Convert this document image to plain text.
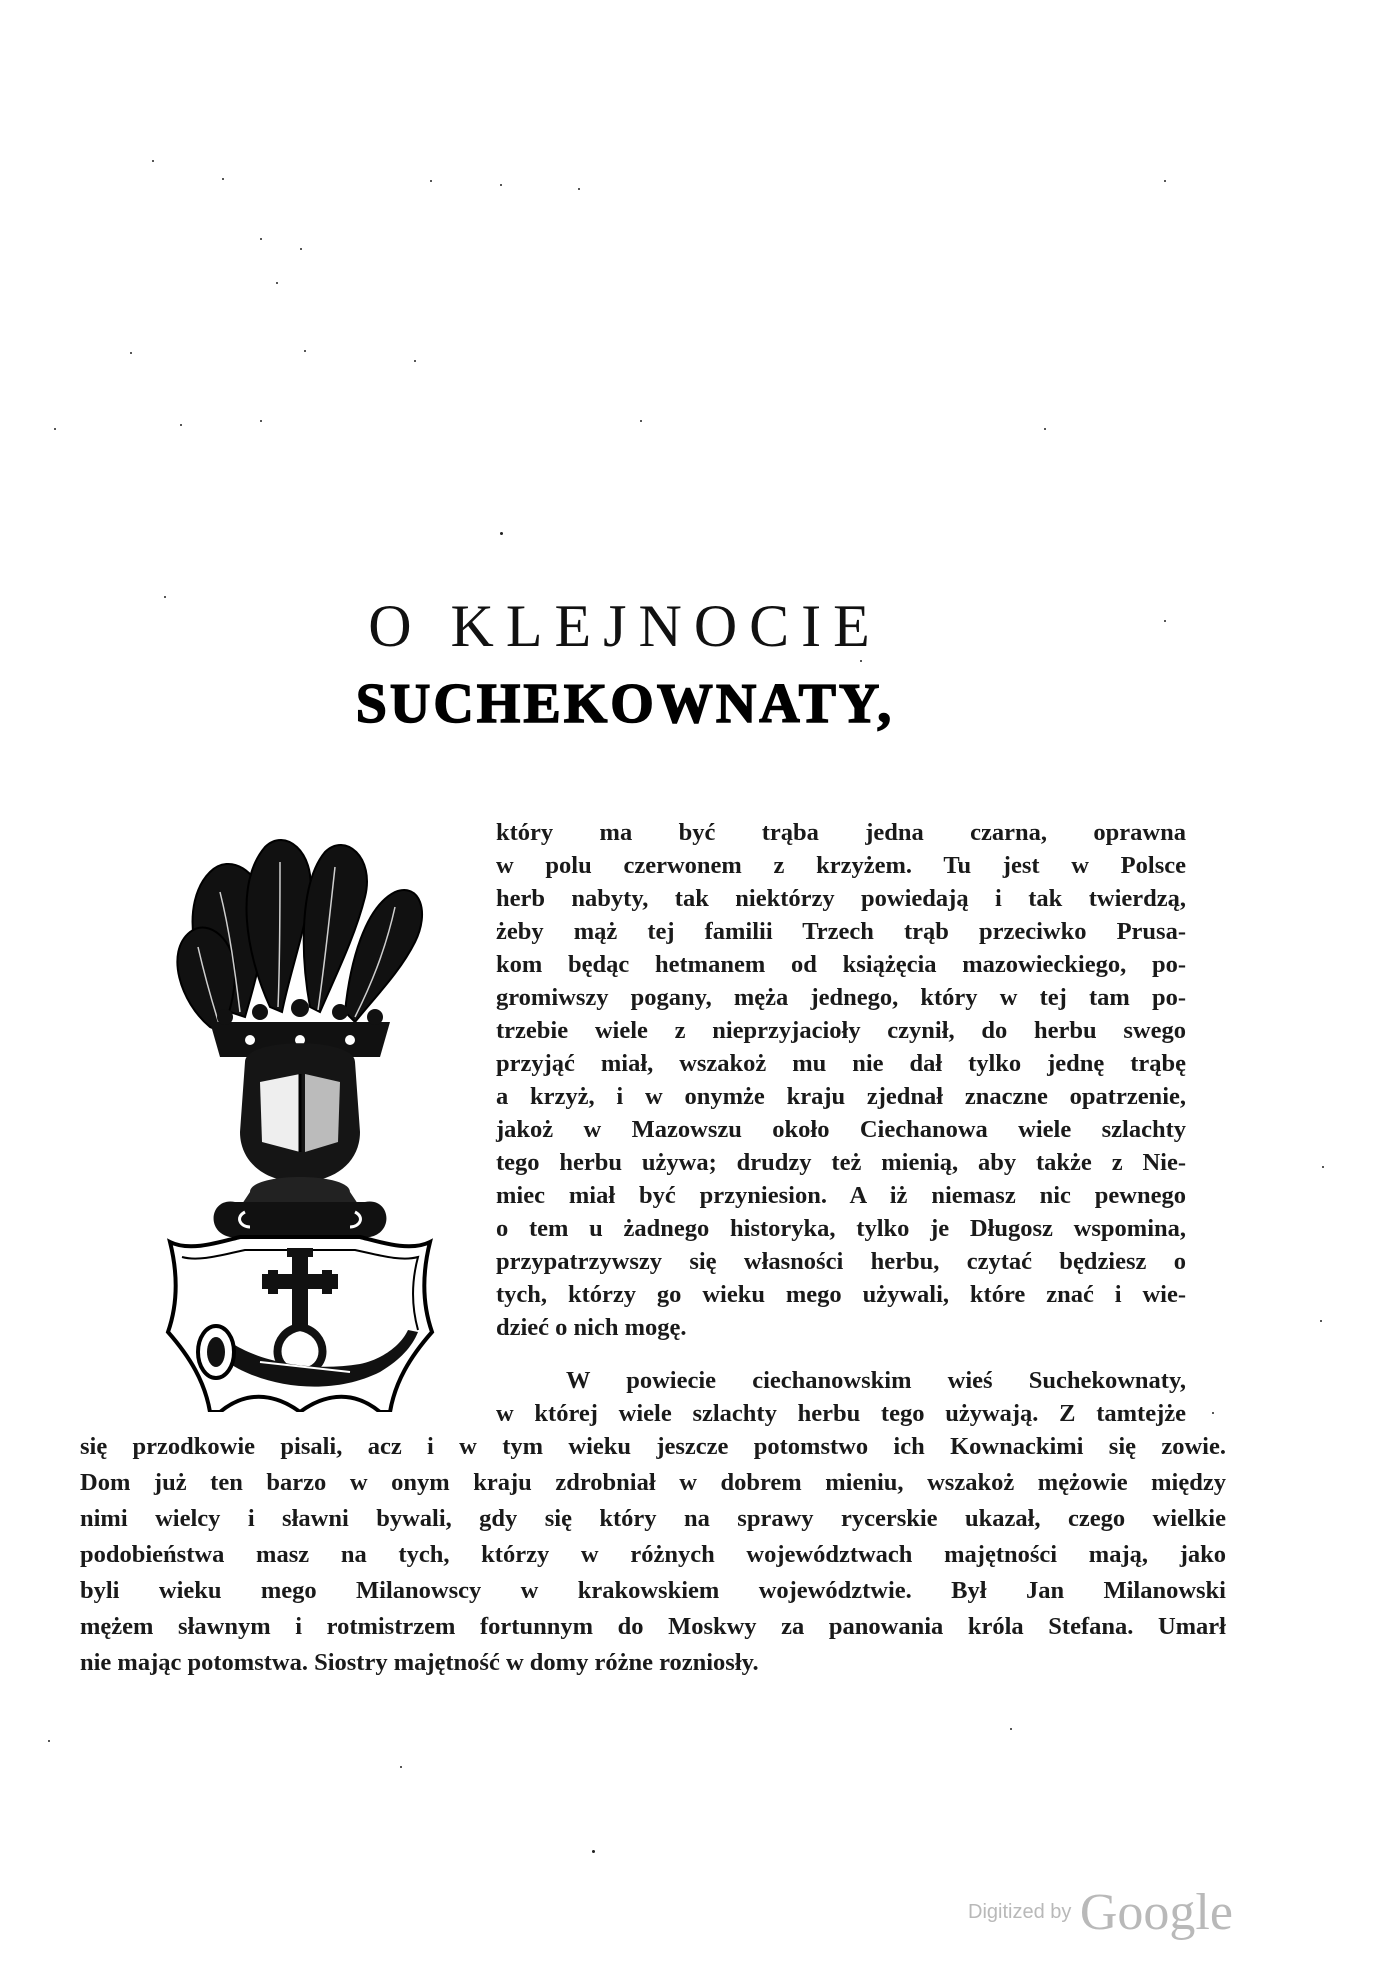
O KLEJNOCIE
SUCHEKOWNATY,
który ma być trąba jedna czarna, oprawna
w polu czerwonem z krzyżem. Tu jest w Polsce
herb nabyty, tak niektórzy powiedają i tak twierdzą,
żeby mąż tej familii Trzech trąb przeciwko Prusa-
kom będąc hetmanem od książęcia mazowieckiego, po-
gromiwszy pogany, męża jednego, który w tej tam po-
trzebie wiele z nieprzyjacioły czynił, do herbu swego
przyjąć miał, wszakoż mu nie dał tylko jednę trąbę
a krzyż, i w onymże kraju zjednał znaczne opatrzenie,
jakoż w Mazowszu około Ciechanowa wiele szlachty
tego herbu używa; drudzy też mienią, aby także z Nie-
miec miał być przyniesion. A iż niemasz nic pewnego
o tem u żadnego historyka, tylko je Długosz wspomina,
przypatrzywszy się własności herbu, czytać będziesz o
tych, którzy go wieku mego używali, które znać i wie-
dzieć o nich mogę.
W powiecie ciechanowskim wieś Suchekownaty,
w której wiele szlachty herbu tego używają. Z tamtejże
się przodkowie pisali, acz i w tym wieku jeszcze potomstwo ich Kownackimi się zowie.
Dom już ten barzo w onym kraju zdrobniał w dobrem mieniu, wszakoż mężowie między
nimi wielcy i sławni bywali, gdy się który na sprawy rycerskie ukazał, czego wielkie
podobieństwa masz na tych, którzy w różnych województwach majętności mają, jako
byli wieku mego Milanowscy w krakowskiem województwie. Był Jan Milanowski
mężem sławnym i rotmistrzem fortunnym do Moskwy za panowania króla Stefana. Umarł
nie mając potomstwa. Siostry majętność w domy różne rozniosły.
Digitized by Google
